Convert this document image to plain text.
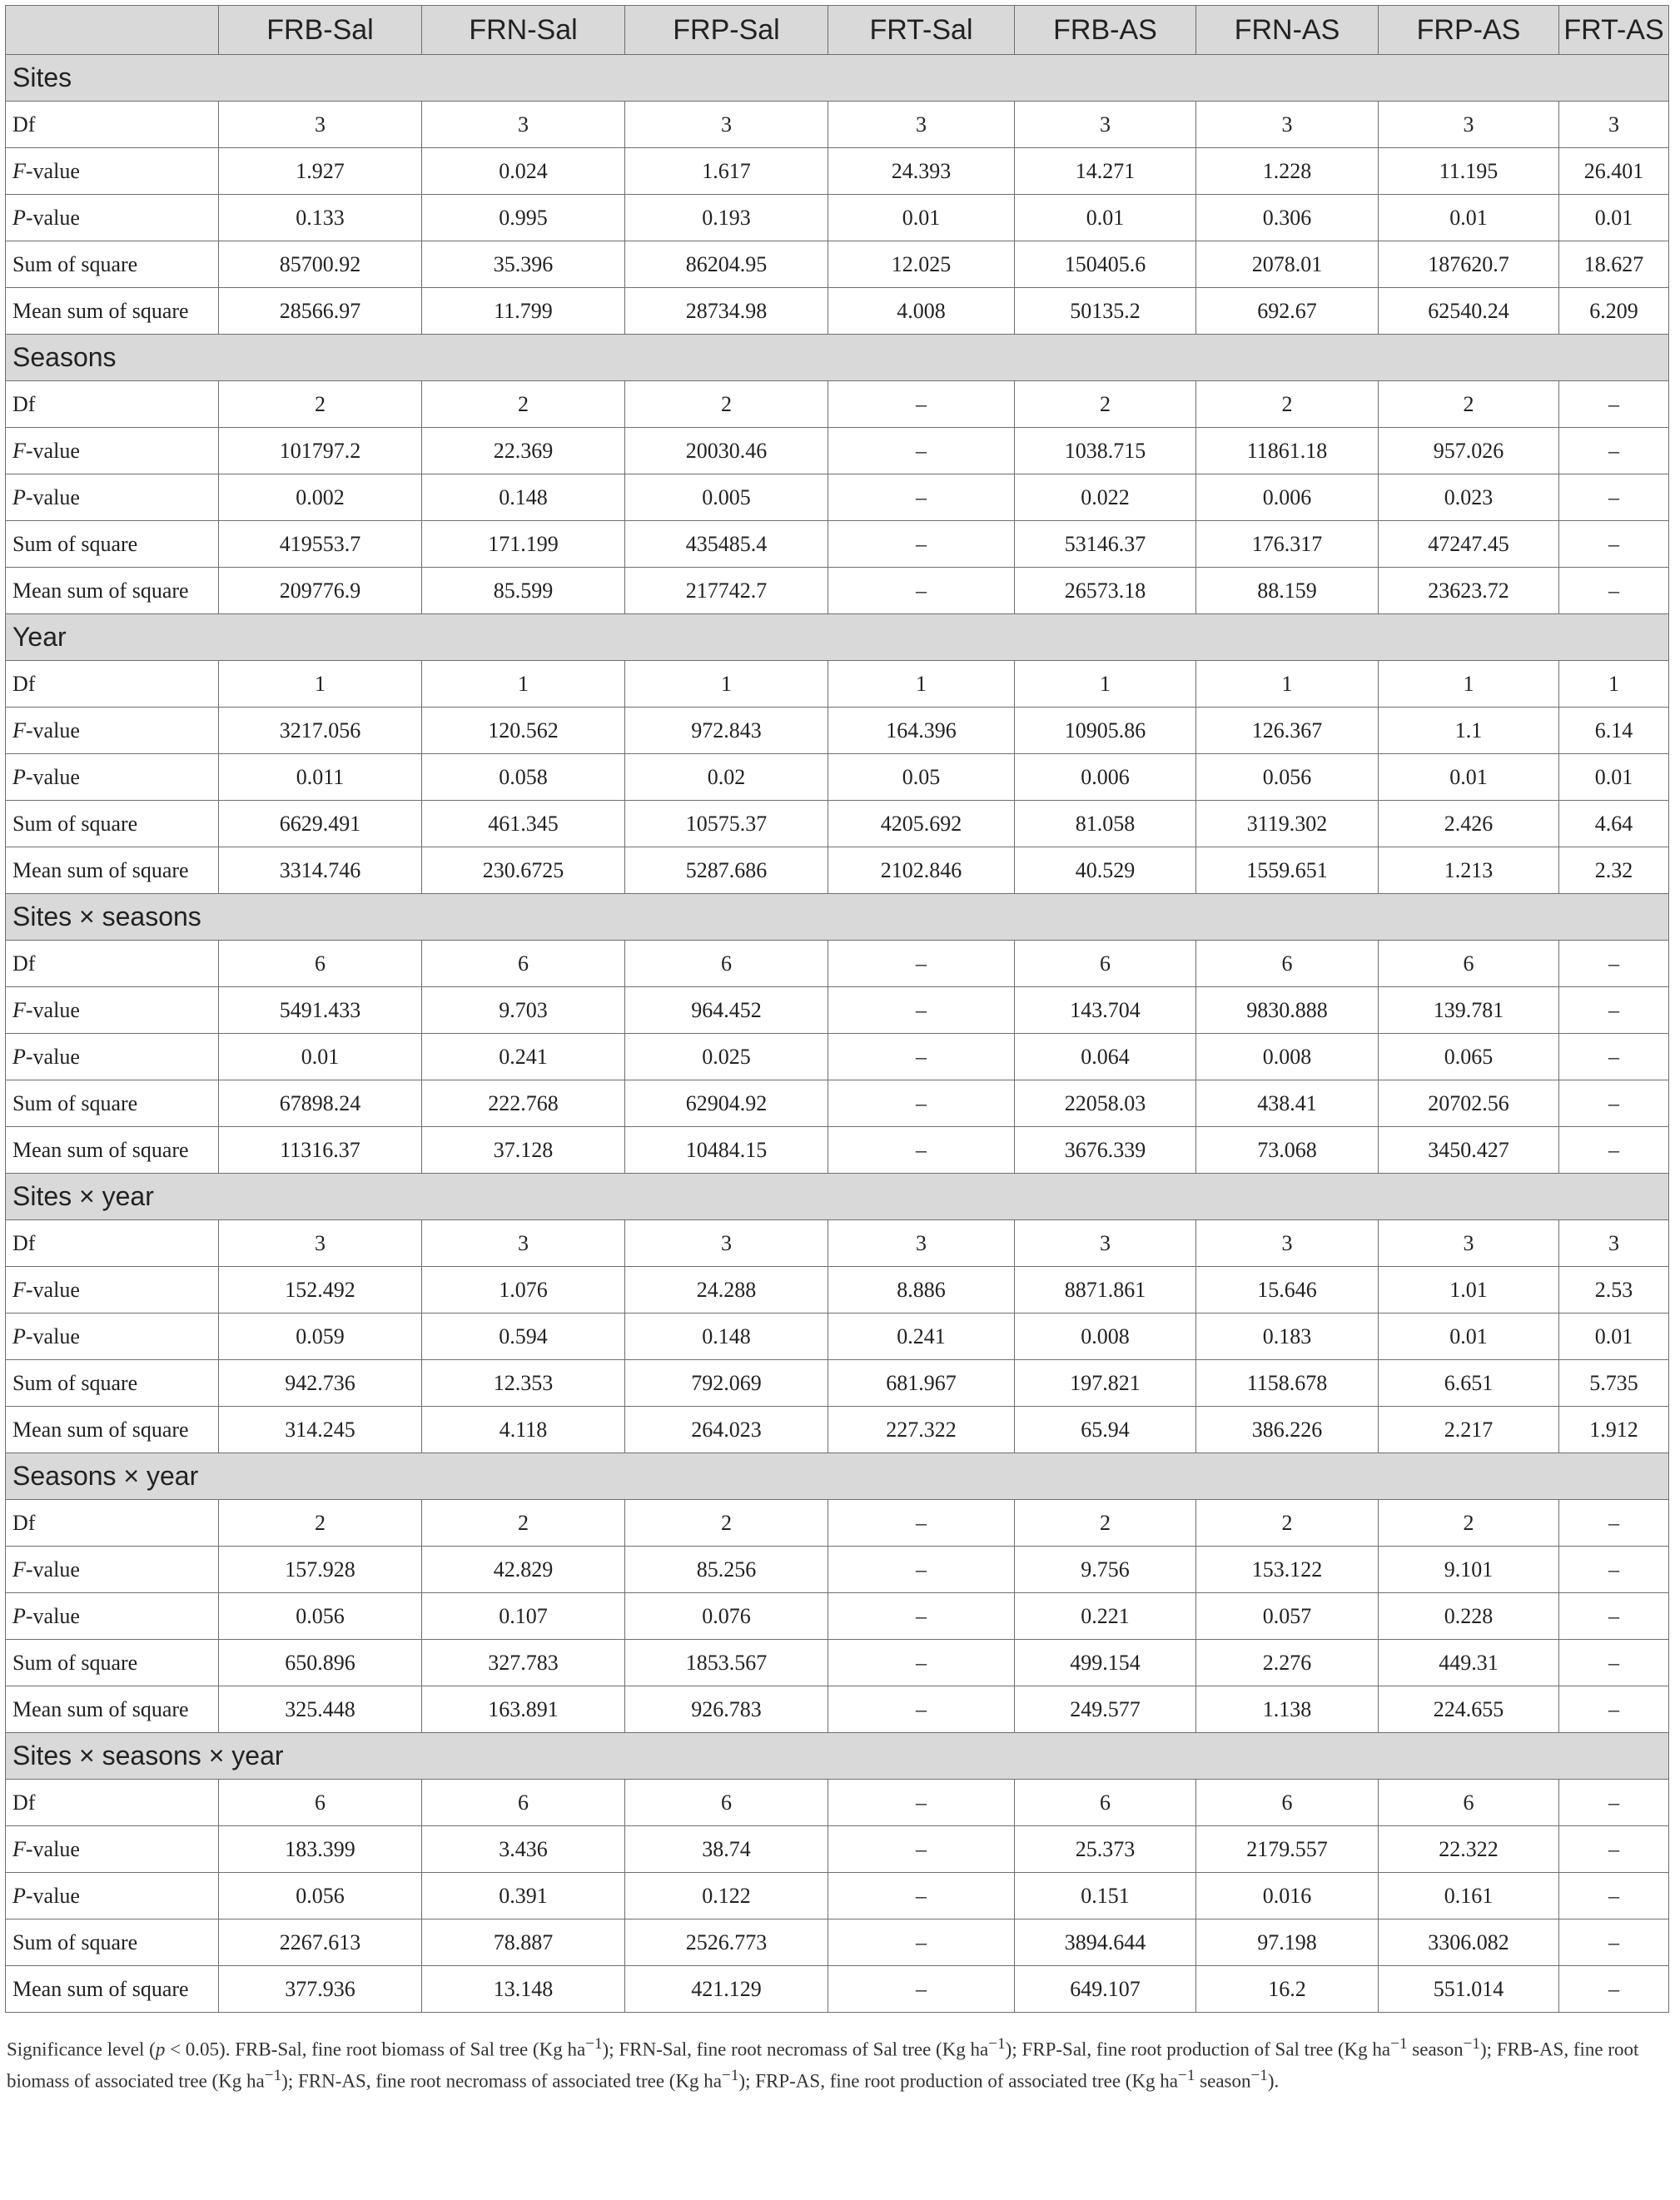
	FRB-Sal	FRN-Sal	FRP-Sal	FRT-Sal	FRB-AS	FRN-AS	FRP-AS	FRT-AS
Sites								
Df	3	3	3	3	3	3	3	3
F-value	1.927	0.024	1.617	24.393	14.271	1.228	11.195	26.401
P-value	0.133	0.995	0.193	0.01	0.01	0.306	0.01	0.01
Sum of square	85700.92	35.396	86204.95	12.025	150405.6	2078.01	187620.7	18.627
Mean sum of square	28566.97	11.799	28734.98	4.008	50135.2	692.67	62540.24	6.209
Seasons								
Df	2	2	2	–	2	2	2	–
F-value	101797.2	22.369	20030.46	–	1038.715	11861.18	957.026	–
P-value	0.002	0.148	0.005	–	0.022	0.006	0.023	–
Sum of square	419553.7	171.199	435485.4	–	53146.37	176.317	47247.45	–
Mean sum of square	209776.9	85.599	217742.7	–	26573.18	88.159	23623.72	–
Year								
Df	1	1	1	1	1	1	1	1
F-value	3217.056	120.562	972.843	164.396	10905.86	126.367	1.1	6.14
P-value	0.011	0.058	0.02	0.05	0.006	0.056	0.01	0.01
Sum of square	6629.491	461.345	10575.37	4205.692	81.058	3119.302	2.426	4.64
Mean sum of square	3314.746	230.6725	5287.686	2102.846	40.529	1559.651	1.213	2.32
Sites × seasons								
Df	6	6	6	–	6	6	6	–
F-value	5491.433	9.703	964.452	–	143.704	9830.888	139.781	–
P-value	0.01	0.241	0.025	–	0.064	0.008	0.065	–
Sum of square	67898.24	222.768	62904.92	–	22058.03	438.41	20702.56	–
Mean sum of square	11316.37	37.128	10484.15	–	3676.339	73.068	3450.427	–
Sites × year								
Df	3	3	3	3	3	3	3	3
F-value	152.492	1.076	24.288	8.886	8871.861	15.646	1.01	2.53
P-value	0.059	0.594	0.148	0.241	0.008	0.183	0.01	0.01
Sum of square	942.736	12.353	792.069	681.967	197.821	1158.678	6.651	5.735
Mean sum of square	314.245	4.118	264.023	227.322	65.94	386.226	2.217	1.912
Seasons × year								
Df	2	2	2	–	2	2	2	–
F-value	157.928	42.829	85.256	–	9.756	153.122	9.101	–
P-value	0.056	0.107	0.076	–	0.221	0.057	0.228	–
Sum of square	650.896	327.783	1853.567	–	499.154	2.276	449.31	–
Mean sum of square	325.448	163.891	926.783	–	249.577	1.138	224.655	–
Sites × seasons × year								
Df	6	6	6	–	6	6	6	–
F-value	183.399	3.436	38.74	–	25.373	2179.557	22.322	–
P-value	0.056	0.391	0.122	–	0.151	0.016	0.161	–
Sum of square	2267.613	78.887	2526.773	–	3894.644	97.198	3306.082	–
Mean sum of square	377.936	13.148	421.129	–	649.107	16.2	551.014	–
Significance level (p < 0.05). FRB-Sal, fine root biomass of Sal tree (Kg $ha^{-1}$); FRN-Sal, fine root necromass of Sal tree (Kg $ha^{-1}$); FRP-Sal, fine root production of Sal tree (Kg $ha^{-1}$ season$^{-1}$); FRB-AS, fine root biomass of associated tree (Kg $ha^{-1}$); FRN-AS, fine root necromass of associated tree (Kg $ha^{-1}$); FRP-AS, fine root production of associated tree (Kg $ha^{-1}$ season$^{-1}$).
